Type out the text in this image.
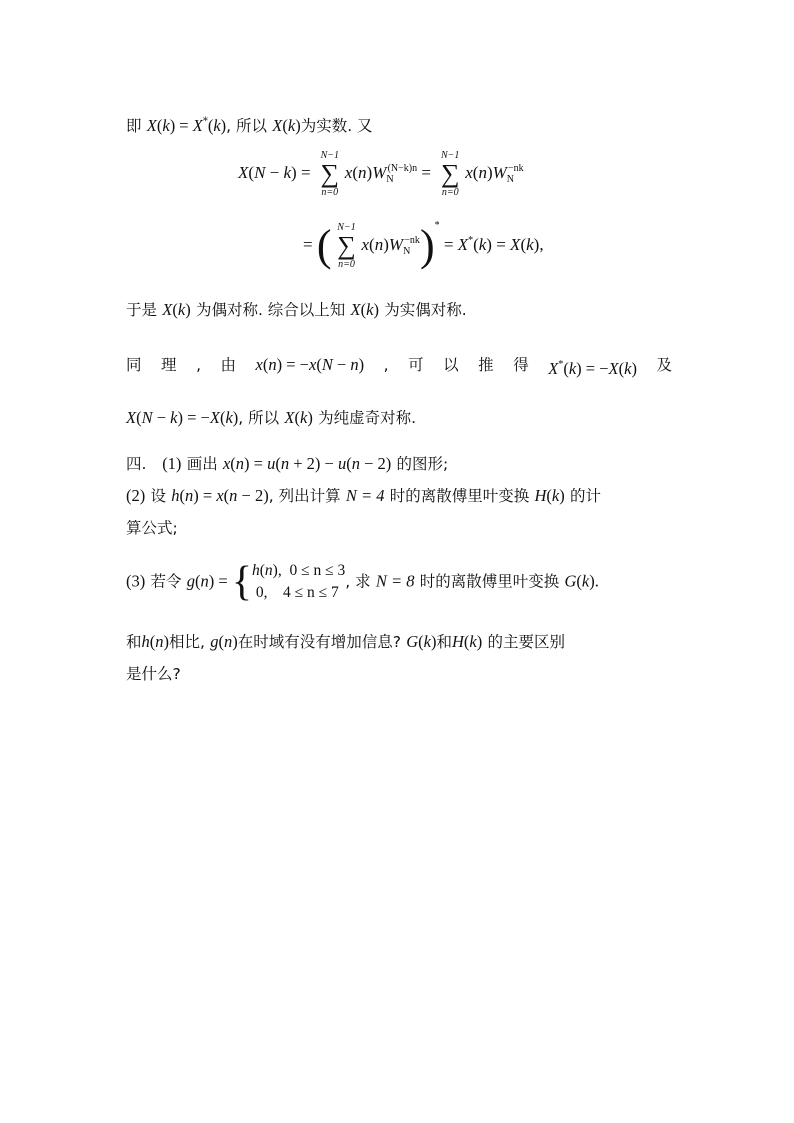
即 X(k) = X*(k), 所以 X(k)为实数. 又
X(N − k) =
N−1
∑
n=0
$x(n)W_N^{(N-k)n}$ =
N−1
∑
n=0
$x(n)W_N^{-nk}$
= ( N−1
∑
n=0
$x(n)W_N^{-nk})^* = X^*(k) = X(k)$,
于是 X(k) 为偶对称. 综合以上知 X(k) 为实偶对称.
同 理 , 由 x(n) = −x(N − n) , 可 以 推 得 X*(k) = −X(k) 及
X(N − k) = −X(k), 所以 X(k) 为纯虚奇对称.
四. (1) 画出 x(n) = u(n + 2) − u(n − 2) 的图形;
(2) 设 h(n) = x(n − 2), 列出计算 N = 4 时的离散傅里叶变换 H(k) 的计
算公式;
(3) 若令 g(n) = { h(n),  0 ≤ n ≤ 3
0, 4 ≤ n ≤ 7
, 求 N = 8 时的离散傅里叶变换 G(k).
和h(n)相比, g(n)在时域有没有增加信息? G(k)和H(k) 的主要区别
是什么?
